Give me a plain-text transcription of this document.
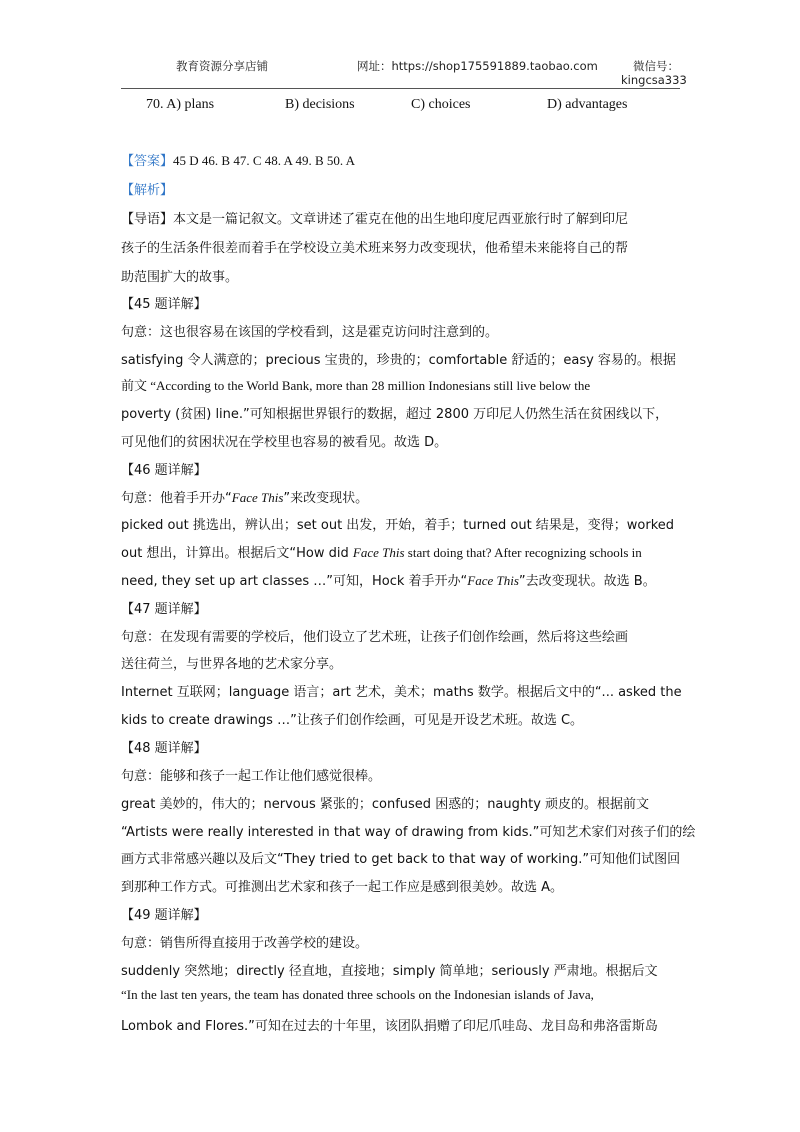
教育资源分享店铺	网址：https://shop175591889.taobao.com	微信号：
kingcsa333
70. A) plans	B) decisions	C) choices	D) advantages
【答案】45 D 46. B 47. C 48. A 49. B 50. A
【解析】
【导语】本文是一篇记叙文。文章讲述了霍克在他的出生地印度尼西亚旅行时了解到印尼
孩子的生活条件很差而着手在学校设立美术班来努力改变现状，他希望未来能将自己的帮
助范围扩大的故事。
【45 题详解】
句意：这也很容易在该国的学校看到，这是霍克访问时注意到的。
satisfying 令人满意的；precious 宝贵的，珍贵的；comfortable 舒适的；easy 容易的。根据
前文 “According to the World Bank, more than 28 million Indonesians still live below the
poverty (贫困) line.”可知根据世界银行的数据，超过 2800 万印尼人仍然生活在贫困线以下，
可见他们的贫困状况在学校里也容易的被看见。故选 D。
【46 题详解】
句意：他着手开办“Face This”来改变现状。
picked out 挑选出，辨认出；set out 出发，开始，着手；turned out 结果是，变得；worked
out 想出，计算出。根据后文“How did Face This start doing that? After recognizing schools in
need, they set up art classes …”可知，Hock 着手开办“Face This”去改变现状。故选 B。
【47 题详解】
句意：在发现有需要的学校后，他们设立了艺术班，让孩子们创作绘画，然后将这些绘画
送往荷兰，与世界各地的艺术家分享。
Internet 互联网；language 语言；art 艺术，美术；maths 数学。根据后文中的“... asked the
kids to create drawings …”让孩子们创作绘画，可见是开设艺术班。故选 C。
【48 题详解】
句意：能够和孩子一起工作让他们感觉很棒。
great 美妙的，伟大的；nervous 紧张的；confused 困惑的；naughty 顽皮的。根据前文
“Artists were really interested in that way of drawing from kids.”可知艺术家们对孩子们的绘
画方式非常感兴趣以及后文“They tried to get back to that way of working.”可知他们试图回
到那种工作方式。可推测出艺术家和孩子一起工作应是感到很美妙。故选 A。
【49 题详解】
句意：销售所得直接用于改善学校的建设。
suddenly 突然地；directly 径直地，直接地；simply 简单地；seriously 严肃地。根据后文
“In the last ten years, the team has donated three schools on the Indonesian islands of Java,
Lombok and Flores.”可知在过去的十年里，该团队捐赠了印尼爪哇岛、龙目岛和弗洛雷斯岛
